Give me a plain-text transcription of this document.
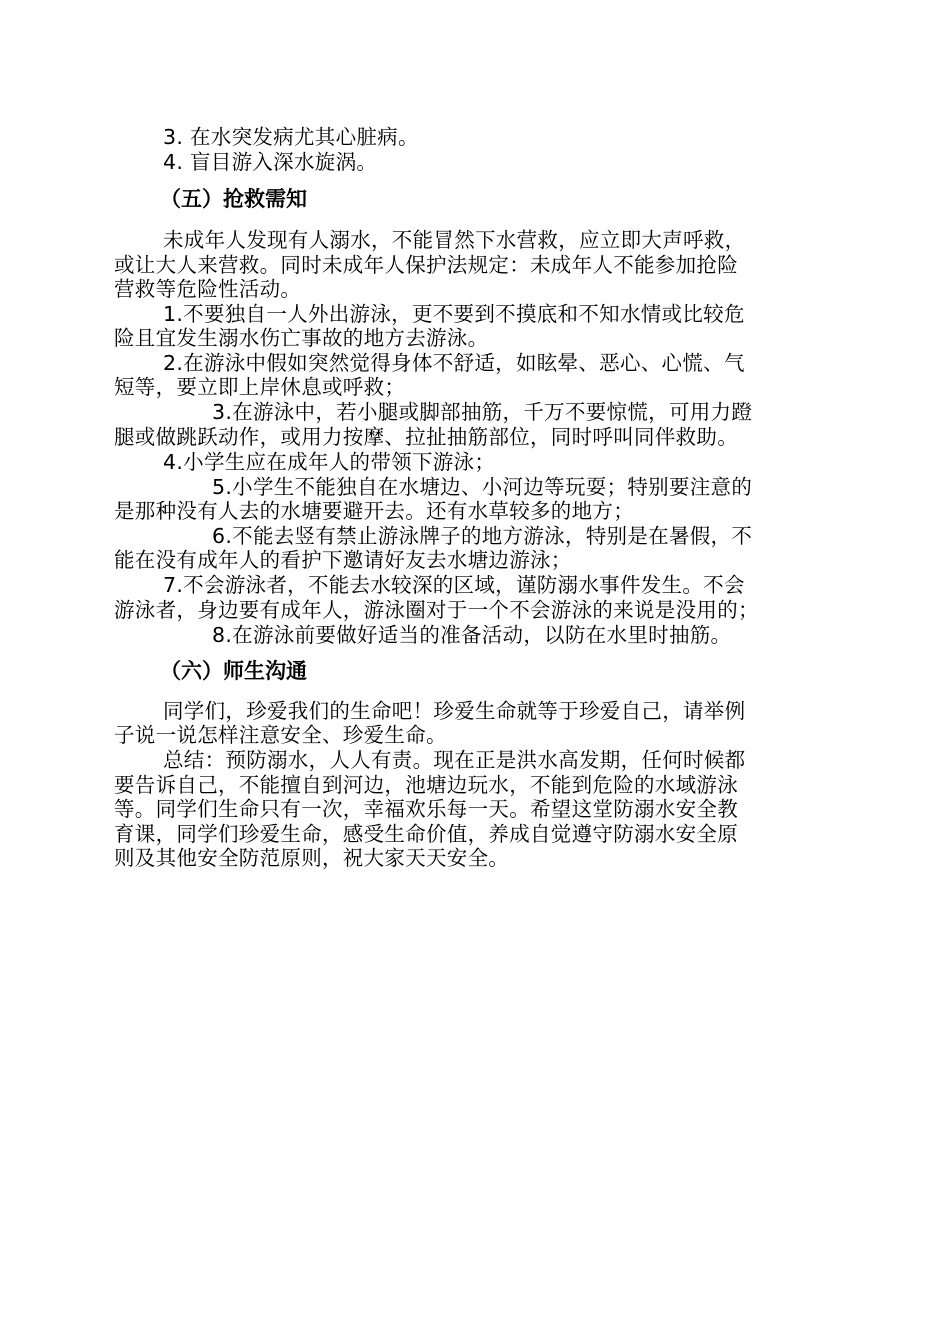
3. 在水突发病尤其心脏病。
4. 盲目游入深水旋涡。
（五）抢救需知
未成年人发现有人溺水，不能冒然下水营救，应立即大声呼救，
或让大人来营救。同时未成年人保护法规定：未成年人不能参加抢险
营救等危险性活动。
1.不要独自一人外出游泳，更不要到不摸底和不知水情或比较危
险且宜发生溺水伤亡事故的地方去游泳。
2.在游泳中假如突然觉得身体不舒适，如眩晕、恶心、心慌、气
短等，要立即上岸休息或呼救；
3.在游泳中，若小腿或脚部抽筋，千万不要惊慌，可用力蹬
腿或做跳跃动作，或用力按摩、拉扯抽筋部位，同时呼叫同伴救助。
4.小学生应在成年人的带领下游泳；
5.小学生不能独自在水塘边、小河边等玩耍；特别要注意的
是那种没有人去的水塘要避开去。还有水草较多的地方；
6.不能去竖有禁止游泳牌子的地方游泳，特别是在暑假，不
能在没有成年人的看护下邀请好友去水塘边游泳；
7.不会游泳者，不能去水较深的区域，谨防溺水事件发生。不会
游泳者，身边要有成年人，游泳圈对于一个不会游泳的来说是没用的；
8.在游泳前要做好适当的准备活动，以防在水里时抽筋。
（六）师生沟通
同学们，珍爱我们的生命吧！珍爱生命就等于珍爱自己，请举例
子说一说怎样注意安全、珍爱生命。
总结：预防溺水，人人有责。现在正是洪水高发期，任何时候都
要告诉自己，不能擅自到河边，池塘边玩水，不能到危险的水域游泳
等。同学们生命只有一次，幸福欢乐每一天。希望这堂防溺水安全教
育课，同学们珍爱生命，感受生命价值，养成自觉遵守防溺水安全原
则及其他安全防范原则，祝大家天天安全。
